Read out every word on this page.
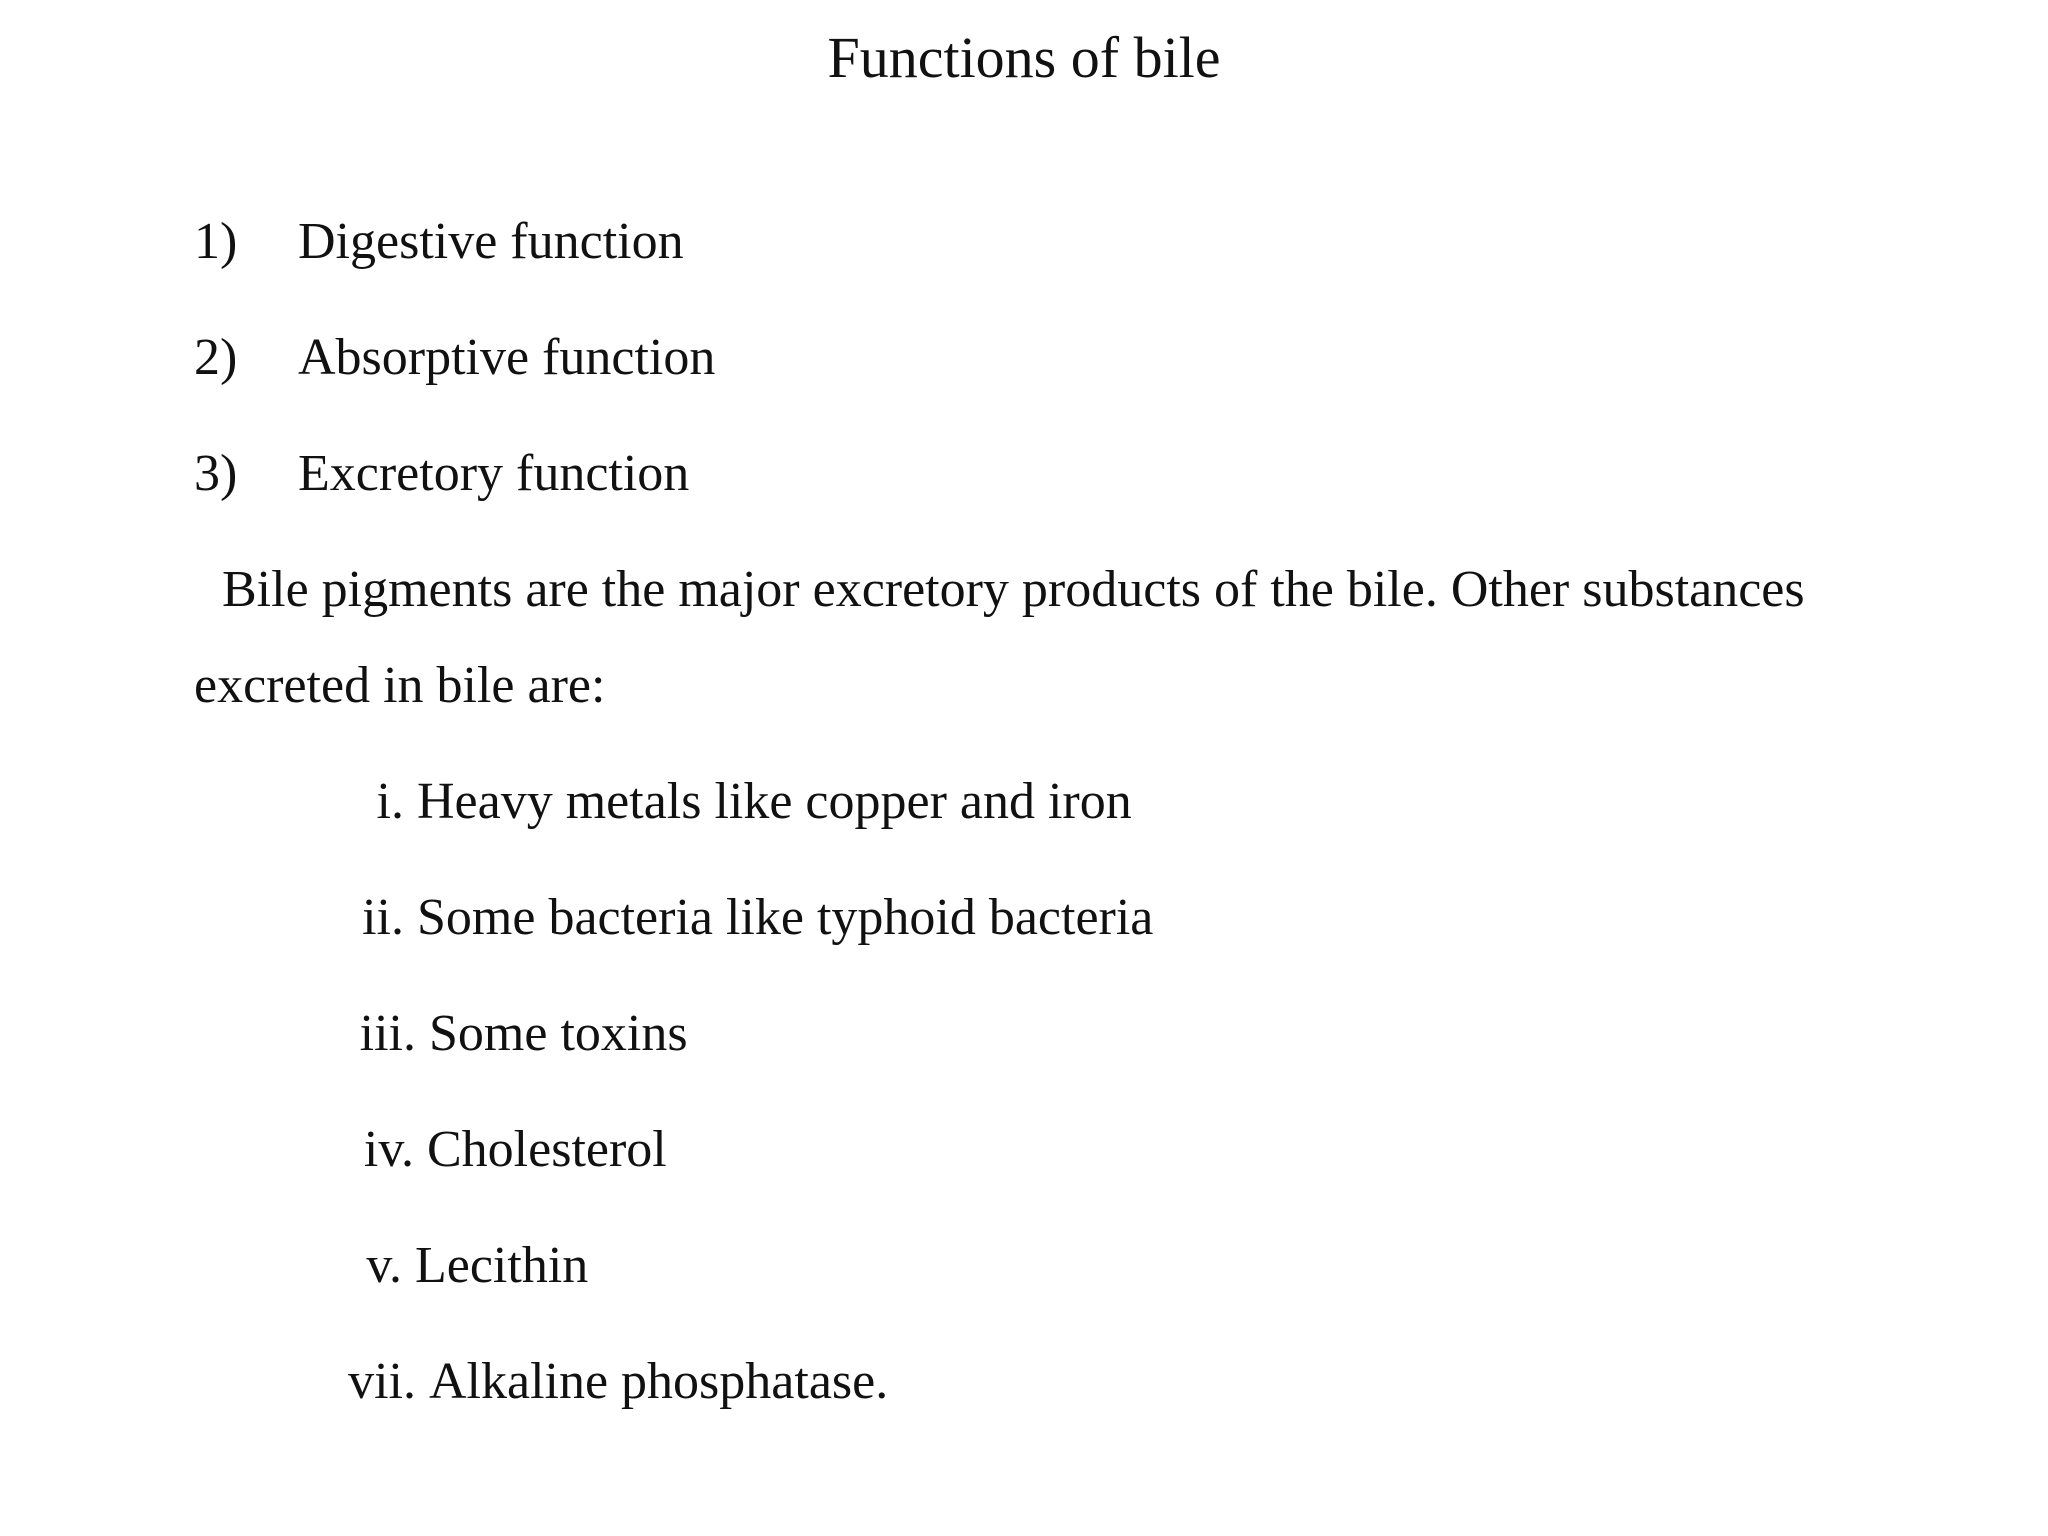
Functions of bile
1) Digestive function
2) Absorptive function
3) Excretory function
Bile pigments are the major excretory products of the bile. Other substances
excreted in bile are:
i. Heavy metals like copper and iron
ii. Some bacteria like typhoid bacteria
iii. Some toxins
iv. Cholesterol
v. Lecithin
vii. Alkaline phosphatase.
